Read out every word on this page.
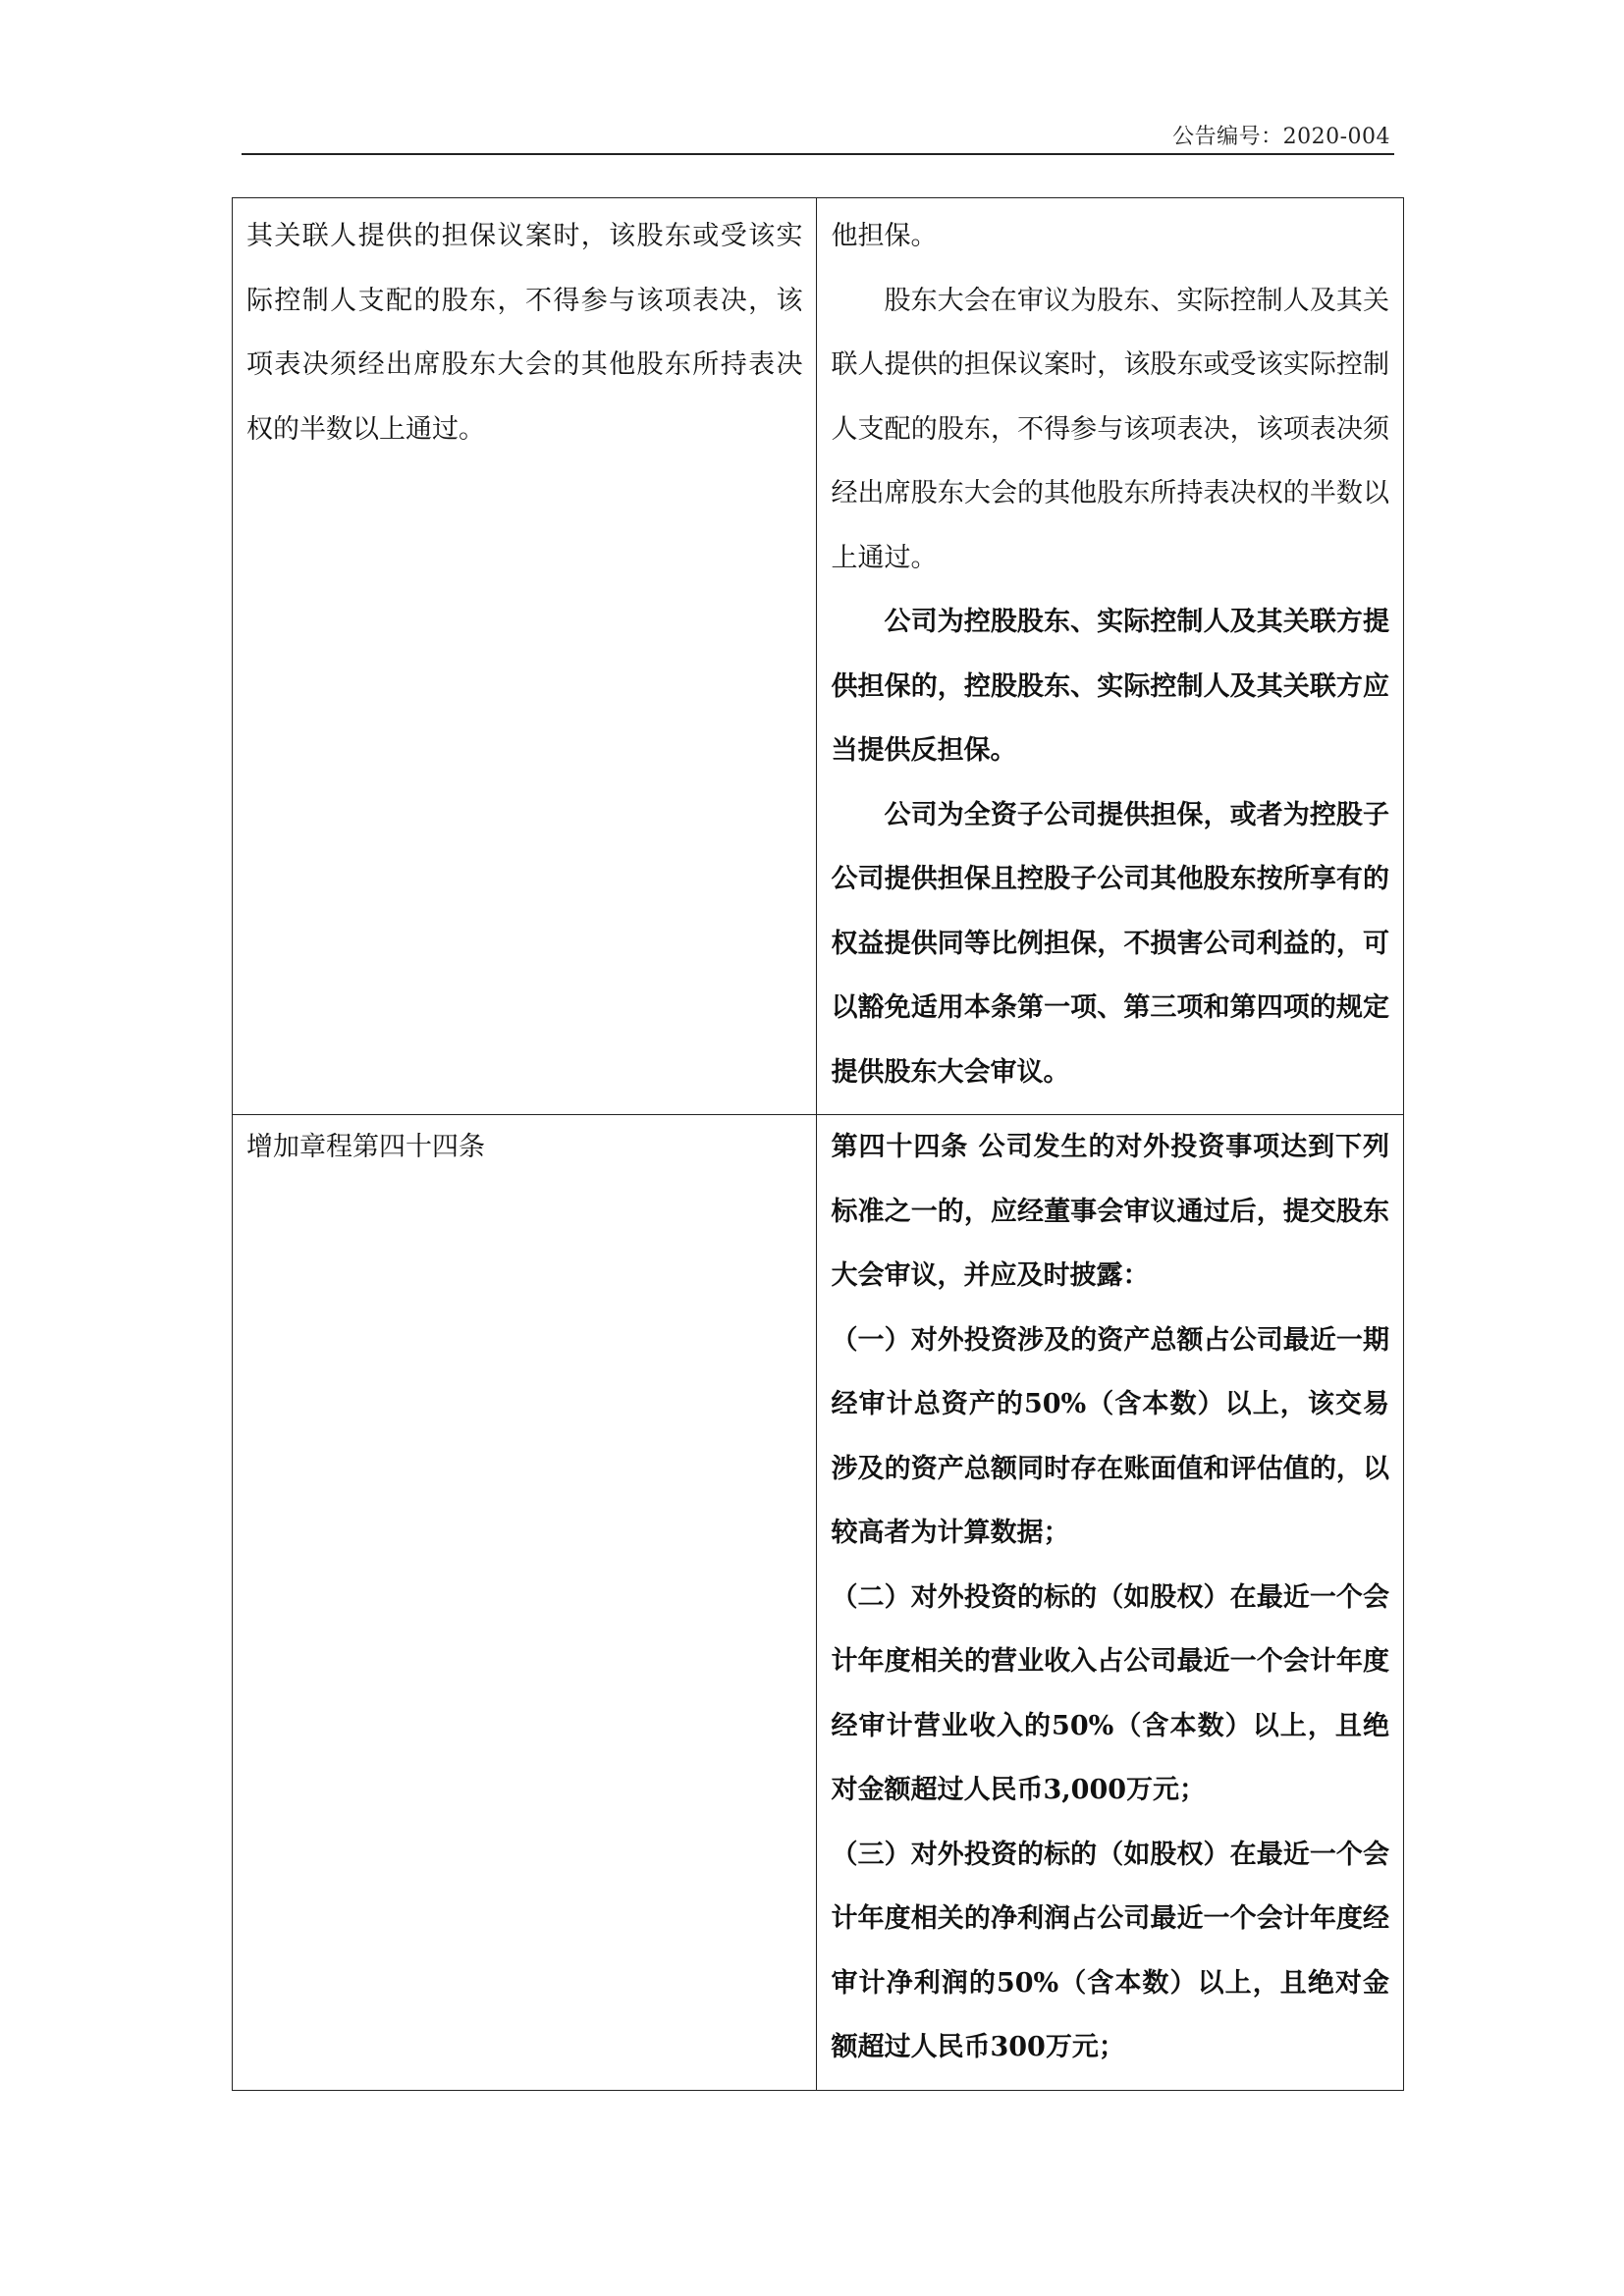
公告编号：2020-004

其关联人提供的担保议案时，该股东或受该实际控制人支配的股东，不得参与该项表决，该项表决须经出席股东大会的其他股东所持表决权的半数以上通过。	他担保。

股东大会在审议为股东、实际控制人及其关联人提供的担保议案时，该股东或受该实际控制人支配的股东，不得参与该项表决，该项表决须经出席股东大会的其他股东所持表决权的半数以上通过。

公司为控股股东、实际控制人及其关联方提供担保的，控股股东、实际控制人及其关联方应当提供反担保。

公司为全资子公司提供担保，或者为控股子公司提供担保且控股子公司其他股东按所享有的权益提供同等比例担保，不损害公司利益的，可以豁免适用本条第一项、第三项和第四项的规定提供股东大会审议。

增加章程第四十四条	第四十四条 公司发生的对外投资事项达到下列标准之一的，应经董事会审议通过后，提交股东大会审议，并应及时披露：

（一）对外投资涉及的资产总额占公司最近一期经审计总资产的50%（含本数）以上，该交易涉及的资产总额同时存在账面值和评估值的，以较高者为计算数据；

（二）对外投资的标的（如股权）在最近一个会计年度相关的营业收入占公司最近一个会计年度经审计营业收入的50%（含本数）以上，且绝对金额超过人民币3,000万元；

（三）对外投资的标的（如股权）在最近一个会计年度相关的净利润占公司最近一个会计年度经审计净利润的50%（含本数）以上，且绝对金额超过人民币300万元；
